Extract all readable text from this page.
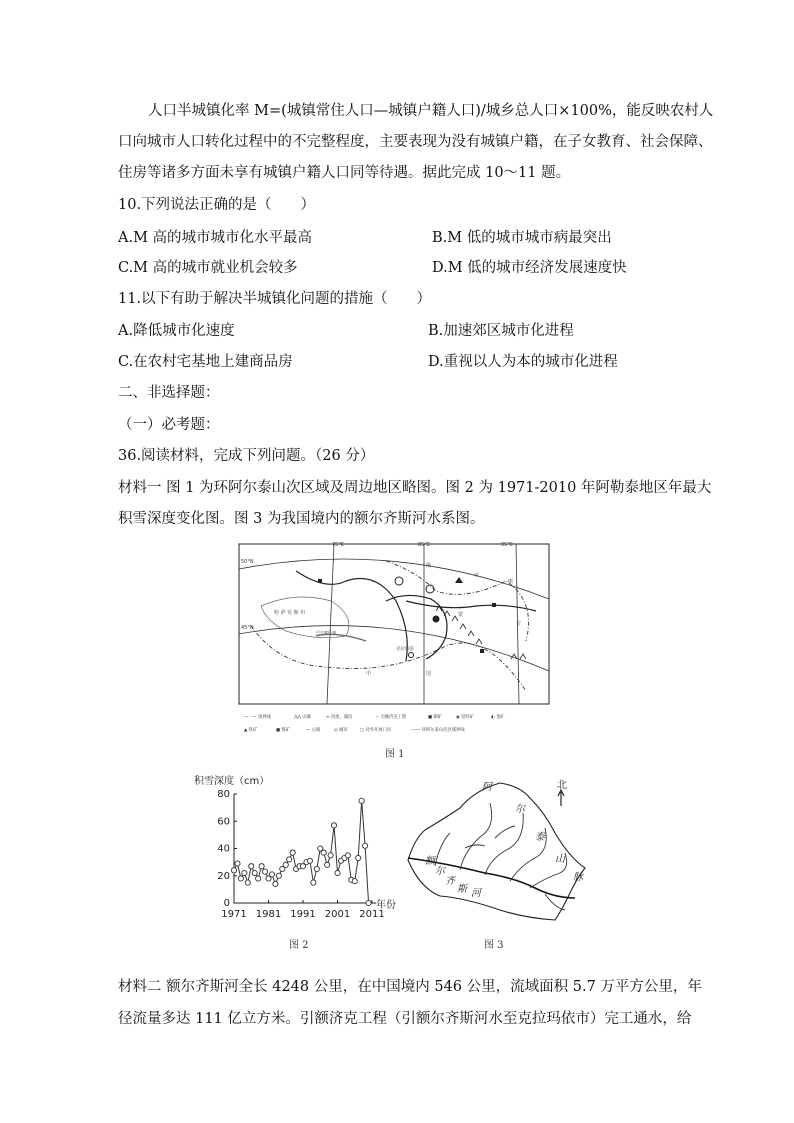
人口半城镇化率 M=(城镇常住人口—城镇户籍人口)/城乡总人口×100%，能反映农村人
口向城市人口转化过程中的不完整程度，主要表现为没有城镇户籍，在子女教育、社会保障、
住房等诸多方面未享有城镇户籍人口同等待遇。据此完成 10～11 题。
10.下列说法正确的是（　　）
A.M 高的城市城市化水平最高	B.M 低的城市城市病最突出
C.M 高的城市就业机会较多	D.M 低的城市经济发展速度快
11.以下有助于解决半城镇化问题的措施（　　）
A.降低城市化速度	B.加速郊区城市化进程
C.在农村宅基地上建商品房	D.重视以人为本的城市化进程
二、非选择题：
（一）必考题：
36.阅读材料，完成下列问题。（26 分）
材料一 图 1 为环阿尔泰山次区域及周边地区略图。图 2 为 1971-2010 年阿勒泰地区年最大
积雪深度变化图。图 3 为我国境内的额尔齐斯河水系图。
75°E	85°E	95°E
50°N
45°N
哈 萨 克 斯 坦
俄
罗
斯
蒙
古
中	国
克拉玛依
巴尔喀什湖
— · — 国界线	⋀⋀ 山脉	≈ 河流、湖泊	-- 引额济克工程	■ 铜矿	◉ 铅锌矿	◐ 金矿
▲ 铁矿	■ 煤矿	— 公路	◎ 城市	□ 对外开放口岸	------ 环阿尔泰山次区域界线
图 1
积雪深度（cm）
0
20
40
60
80
1971 1981 1991 2001 2011
年份
图 2
北
阿
尔
泰
山
脉
额
尔
齐
斯 河
图 3
材料二 额尔齐斯河全长 4248 公里，在中国境内 546 公里，流域面积 5.7 万平方公里，年
径流量多达 111 亿立方米。引额济克工程（引额尔齐斯河水至克拉玛依市）完工通水，给
